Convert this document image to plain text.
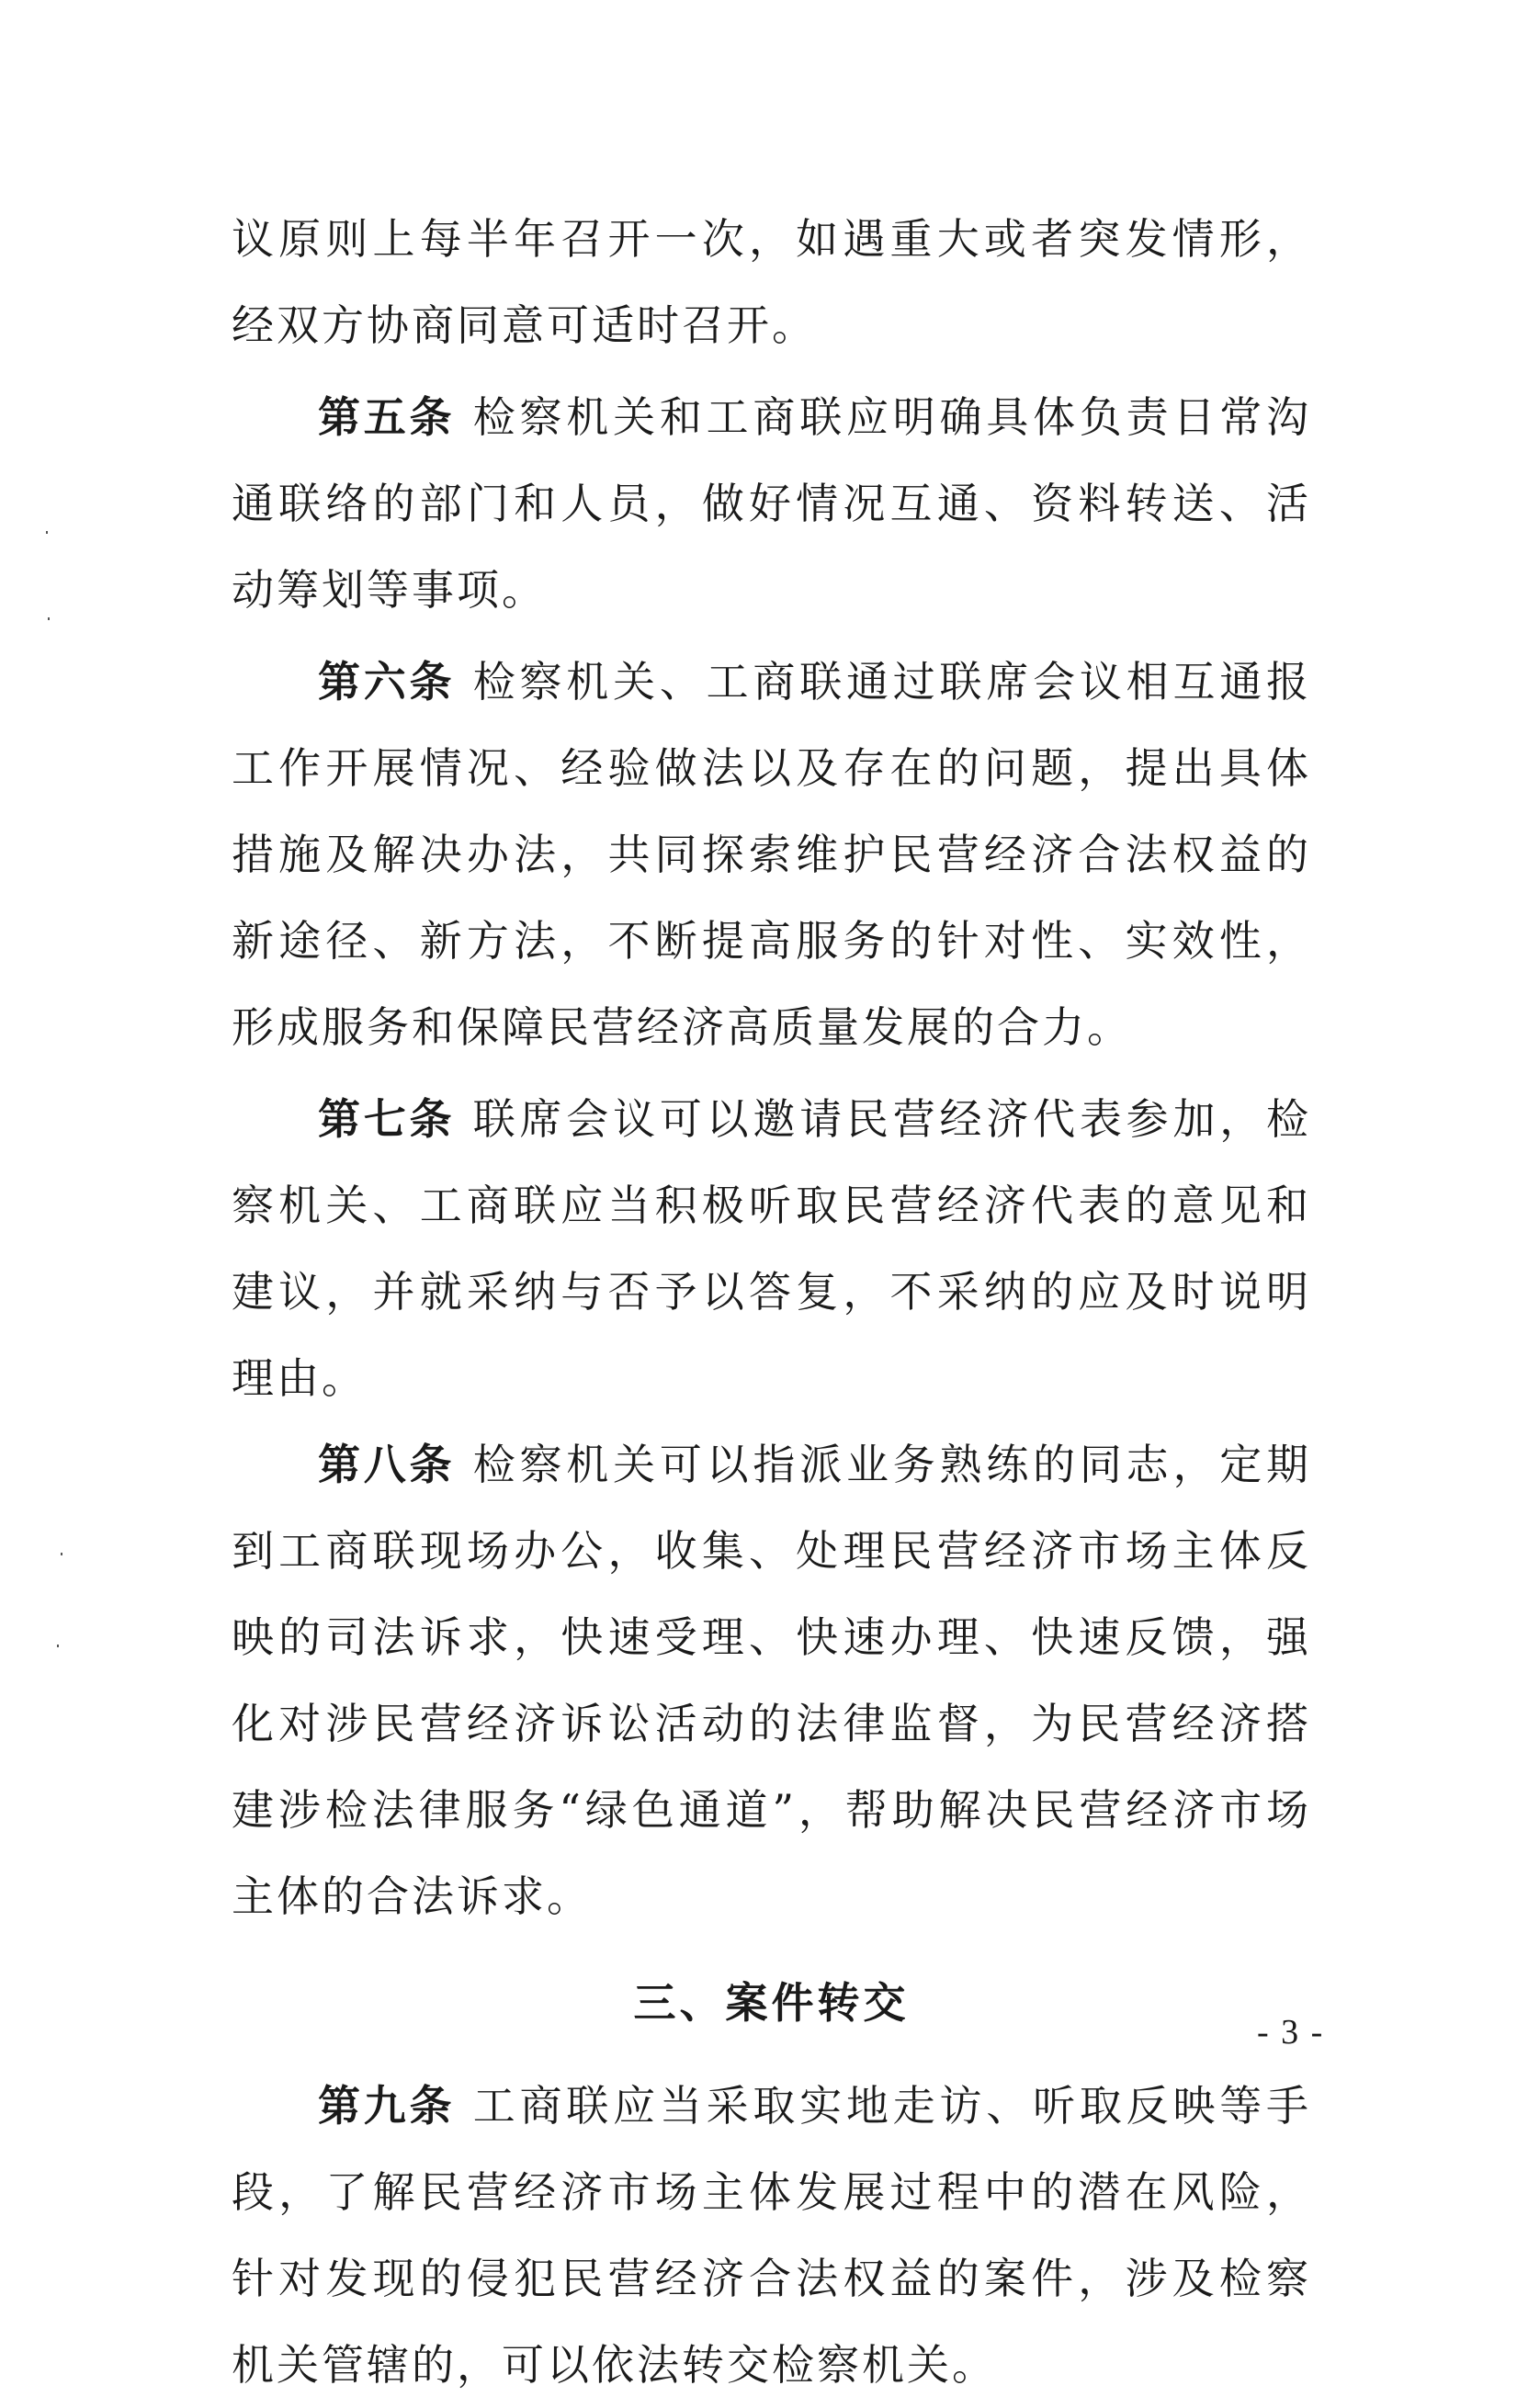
议原则上每半年召开一次，如遇重大或者突发情形，经双方协商同意可适时召开。

第五条 检察机关和工商联应明确具体负责日常沟通联络的部门和人员，做好情况互通、资料转送、活动筹划等事项。

第六条 检察机关、工商联通过联席会议相互通报工作开展情况、经验做法以及存在的问题，提出具体措施及解决办法，共同探索维护民营经济合法权益的新途径、新方法，不断提高服务的针对性、实效性，形成服务和保障民营经济高质量发展的合力。

第七条 联席会议可以邀请民营经济代表参加，检察机关、工商联应当积极听取民营经济代表的意见和建议，并就采纳与否予以答复，不采纳的应及时说明理由。

第八条 检察机关可以指派业务熟练的同志，定期到工商联现场办公，收集、处理民营经济市场主体反映的司法诉求，快速受理、快速办理、快速反馈，强化对涉民营经济诉讼活动的法律监督，为民营经济搭建涉检法律服务“绿色通道”，帮助解决民营经济市场主体的合法诉求。

三、案件转交

第九条 工商联应当采取实地走访、听取反映等手段，了解民营经济市场主体发展过程中的潜在风险，针对发现的侵犯民营经济合法权益的案件，涉及检察机关管辖的，可以依法转交检察机关。

- 3 -
